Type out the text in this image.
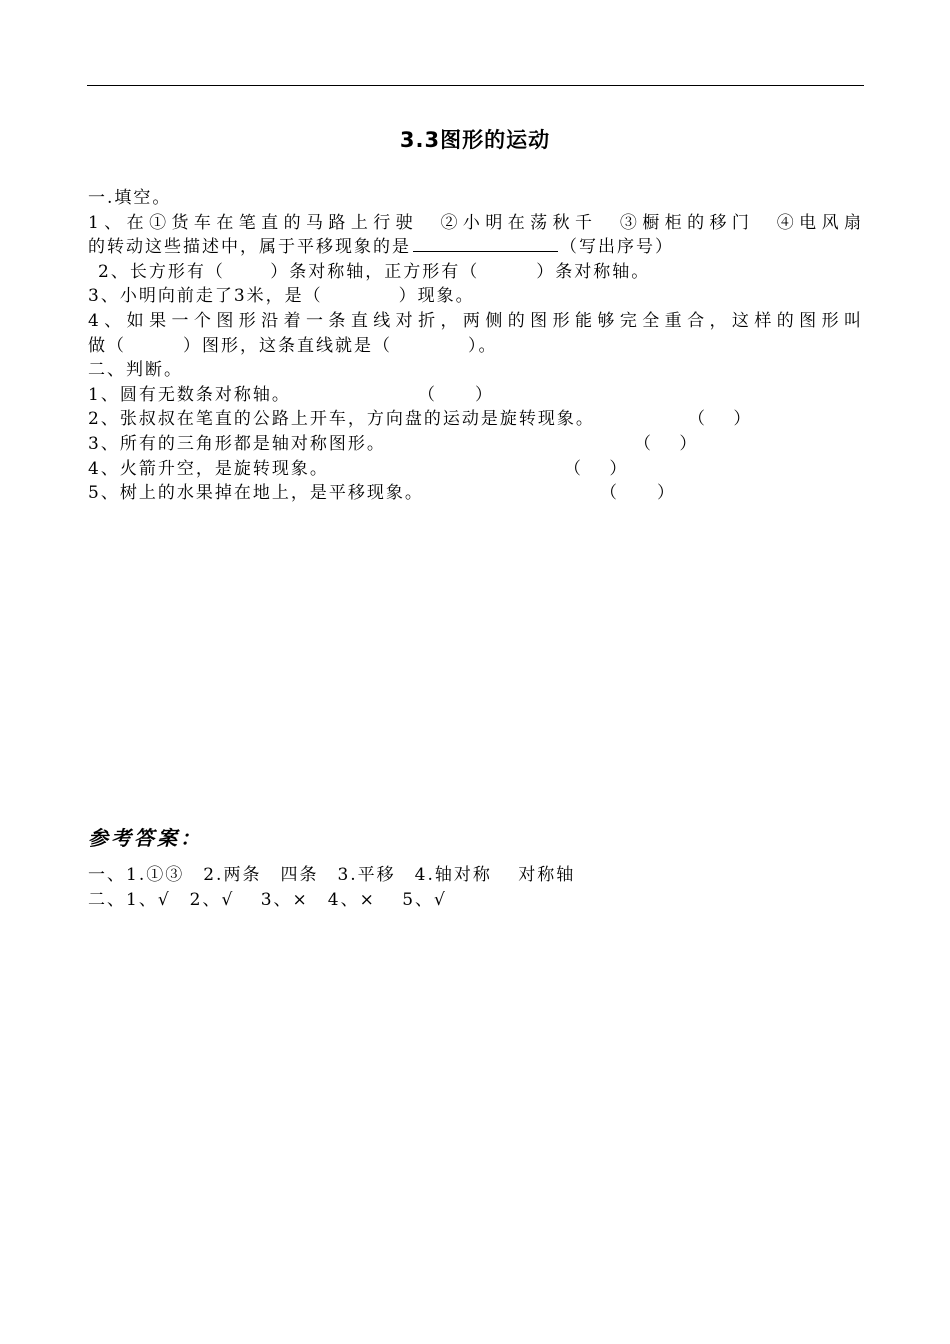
3.3图形的运动
一.填空。
1、在①货车在笔直的马路上行驶　②小明在荡秋千　③橱柜的移门　④电风扇
的转动这些描述中，属于平移现象的是	（写出序号）
2、长方形有（　　 ）条对称轴，正方形有（　　　）条对称轴。
3、小明向前走了3米，是（　　　　）现象。
4、如果一个图形沿着一条直线对折，两侧的图形能够完全重合，这样的图形叫
做（　　　）图形，这条直线就是（　　　　）。
二、判断。
1、圆有无数条对称轴。	（　　）
2、张叔叔在笔直的公路上开车，方向盘的运动是旋转现象。	（　 ）
3、所有的三角形都是轴对称图形。	（　 ）
4、火箭升空，是旋转现象。	（　 ）
5、树上的水果掉在地上，是平移现象。	（　　）
参考答案：
一、1.①③　2.两条　四条　3.平移　4.轴对称　 对称轴
二、1、√　2、√　 3、×　4、×　 5、√
